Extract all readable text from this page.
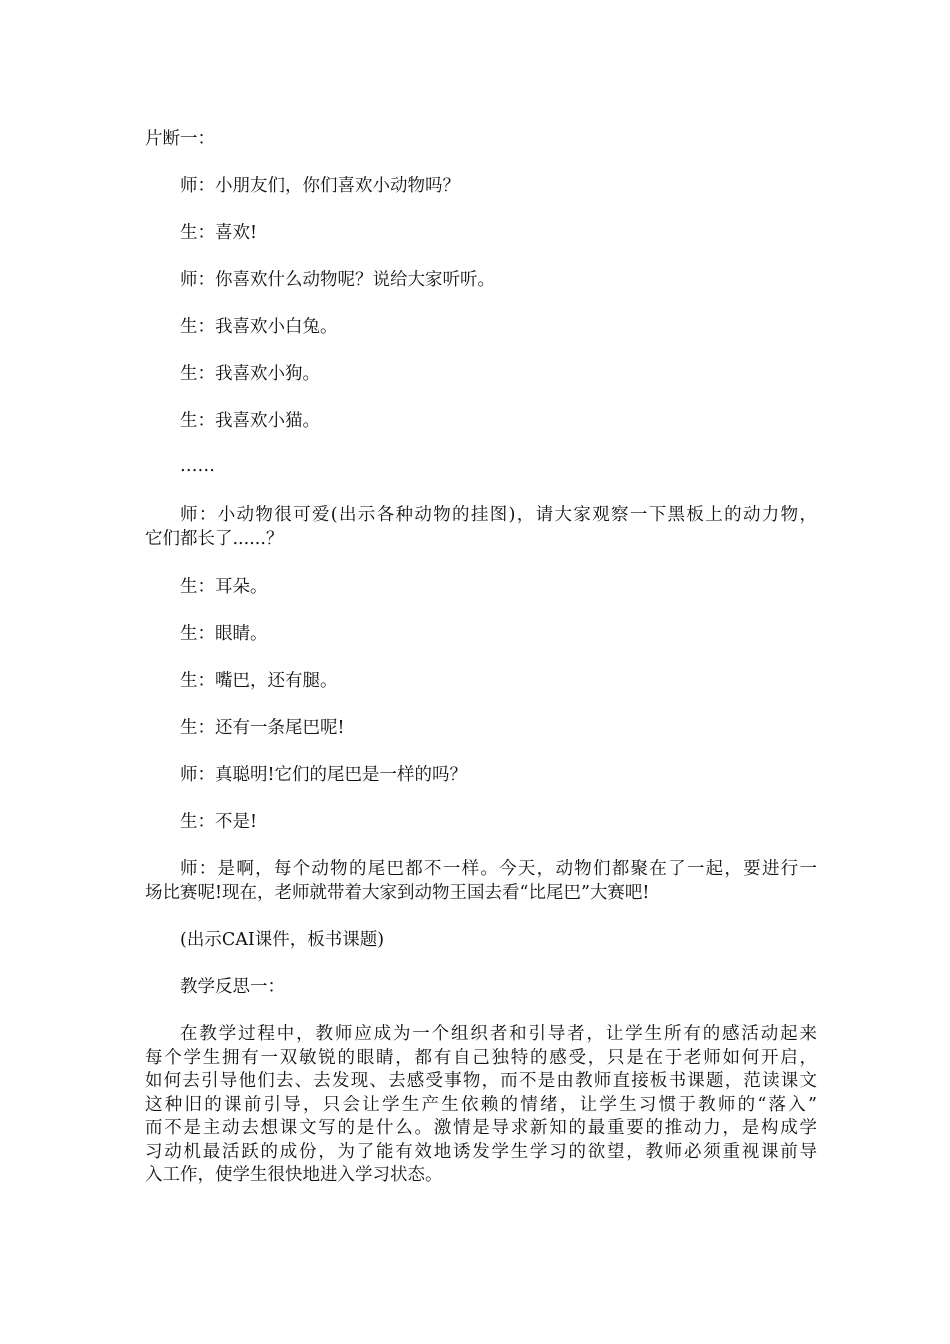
片断一：

师：小朋友们，你们喜欢小动物吗？

生：喜欢!

师：你喜欢什么动物呢？说给大家听听。

生：我喜欢小白兔。

生：我喜欢小狗。

生：我喜欢小猫。

……

师：小动物很可爱(出示各种动物的挂图)，请大家观察一下黑板上的动力物，
它们都长了......？

生：耳朵。

生：眼睛。

生：嘴巴，还有腿。

生：还有一条尾巴呢!

师：真聪明!它们的尾巴是一样的吗？

生：不是!

师：是啊，每个动物的尾巴都不一样。今天，动物们都聚在了一起，要进行一
场比赛呢!现在，老师就带着大家到动物王国去看“比尾巴”大赛吧!

(出示CAI课件，板书课题)

教学反思一：

在教学过程中，教师应成为一个组织者和引导者，让学生所有的感活动起来
每个学生拥有一双敏锐的眼睛，都有自己独特的感受，只是在于老师如何开启，
如何去引导他们去、去发现、去感受事物，而不是由教师直接板书课题，范读课文
这种旧的课前引导，只会让学生产生依赖的情绪，让学生习惯于教师的“落入”
而不是主动去想课文写的是什么。激情是导求新知的最重要的推动力，是构成学
习动机最活跃的成份，为了能有效地诱发学生学习的欲望，教师必须重视课前导
入工作，使学生很快地进入学习状态。
